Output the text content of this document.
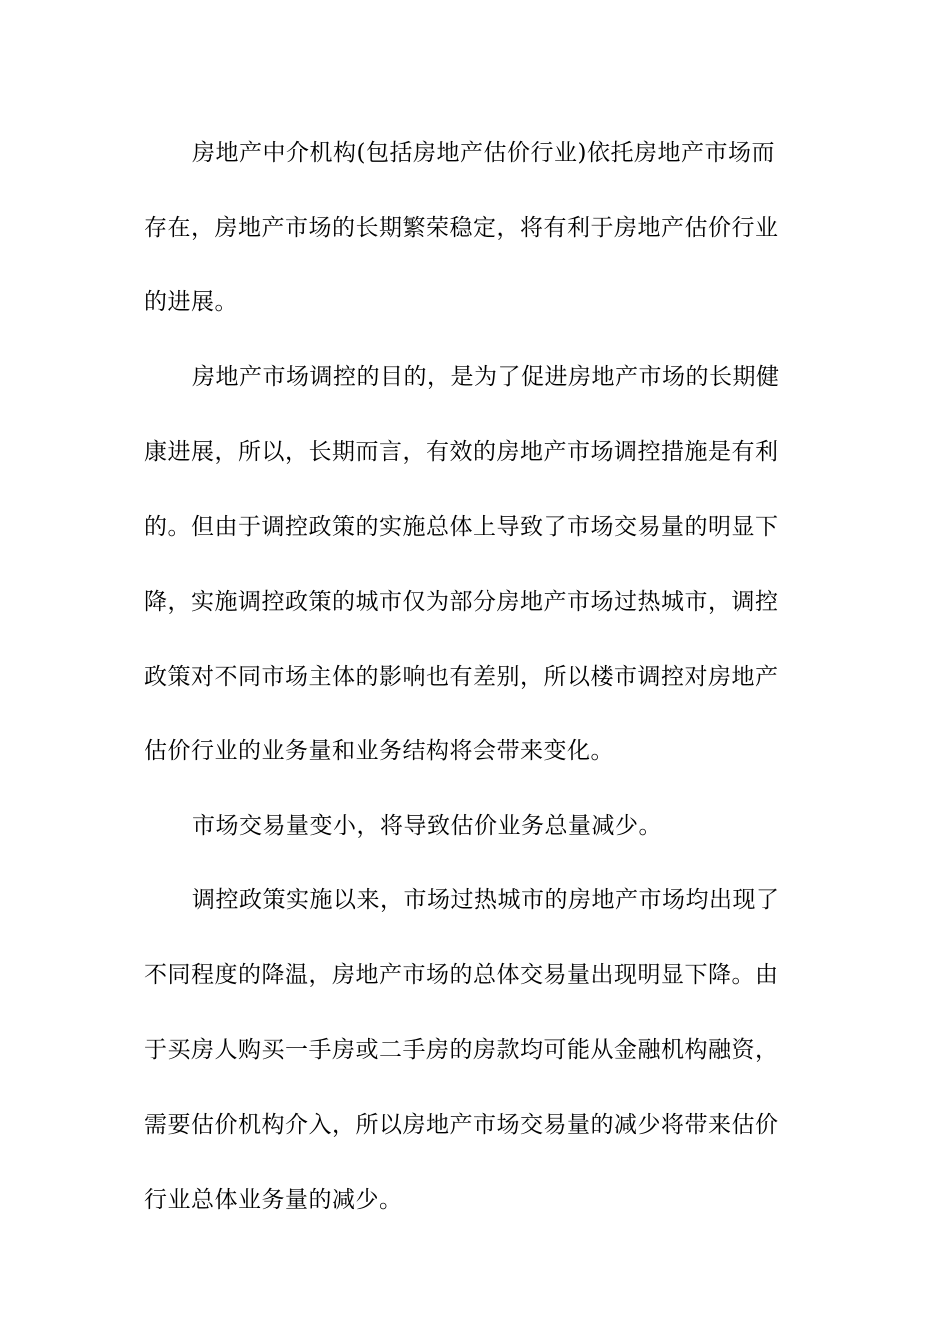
房地产中介机构(包括房地产估价行业)依托房地产市场而
存在，房地产市场的长期繁荣稳定，将有利于房地产估价行业
的进展。
房地产市场调控的目的，是为了促进房地产市场的长期健
康进展，所以，长期而言，有效的房地产市场调控措施是有利
的。但由于调控政策的实施总体上导致了市场交易量的明显下
降，实施调控政策的城市仅为部分房地产市场过热城市，调控
政策对不同市场主体的影响也有差别，所以楼市调控对房地产
估价行业的业务量和业务结构将会带来变化。
市场交易量变小，将导致估价业务总量减少。
调控政策实施以来，市场过热城市的房地产市场均出现了
不同程度的降温，房地产市场的总体交易量出现明显下降。由
于买房人购买一手房或二手房的房款均可能从金融机构融资，
需要估价机构介入，所以房地产市场交易量的减少将带来估价
行业总体业务量的减少。
